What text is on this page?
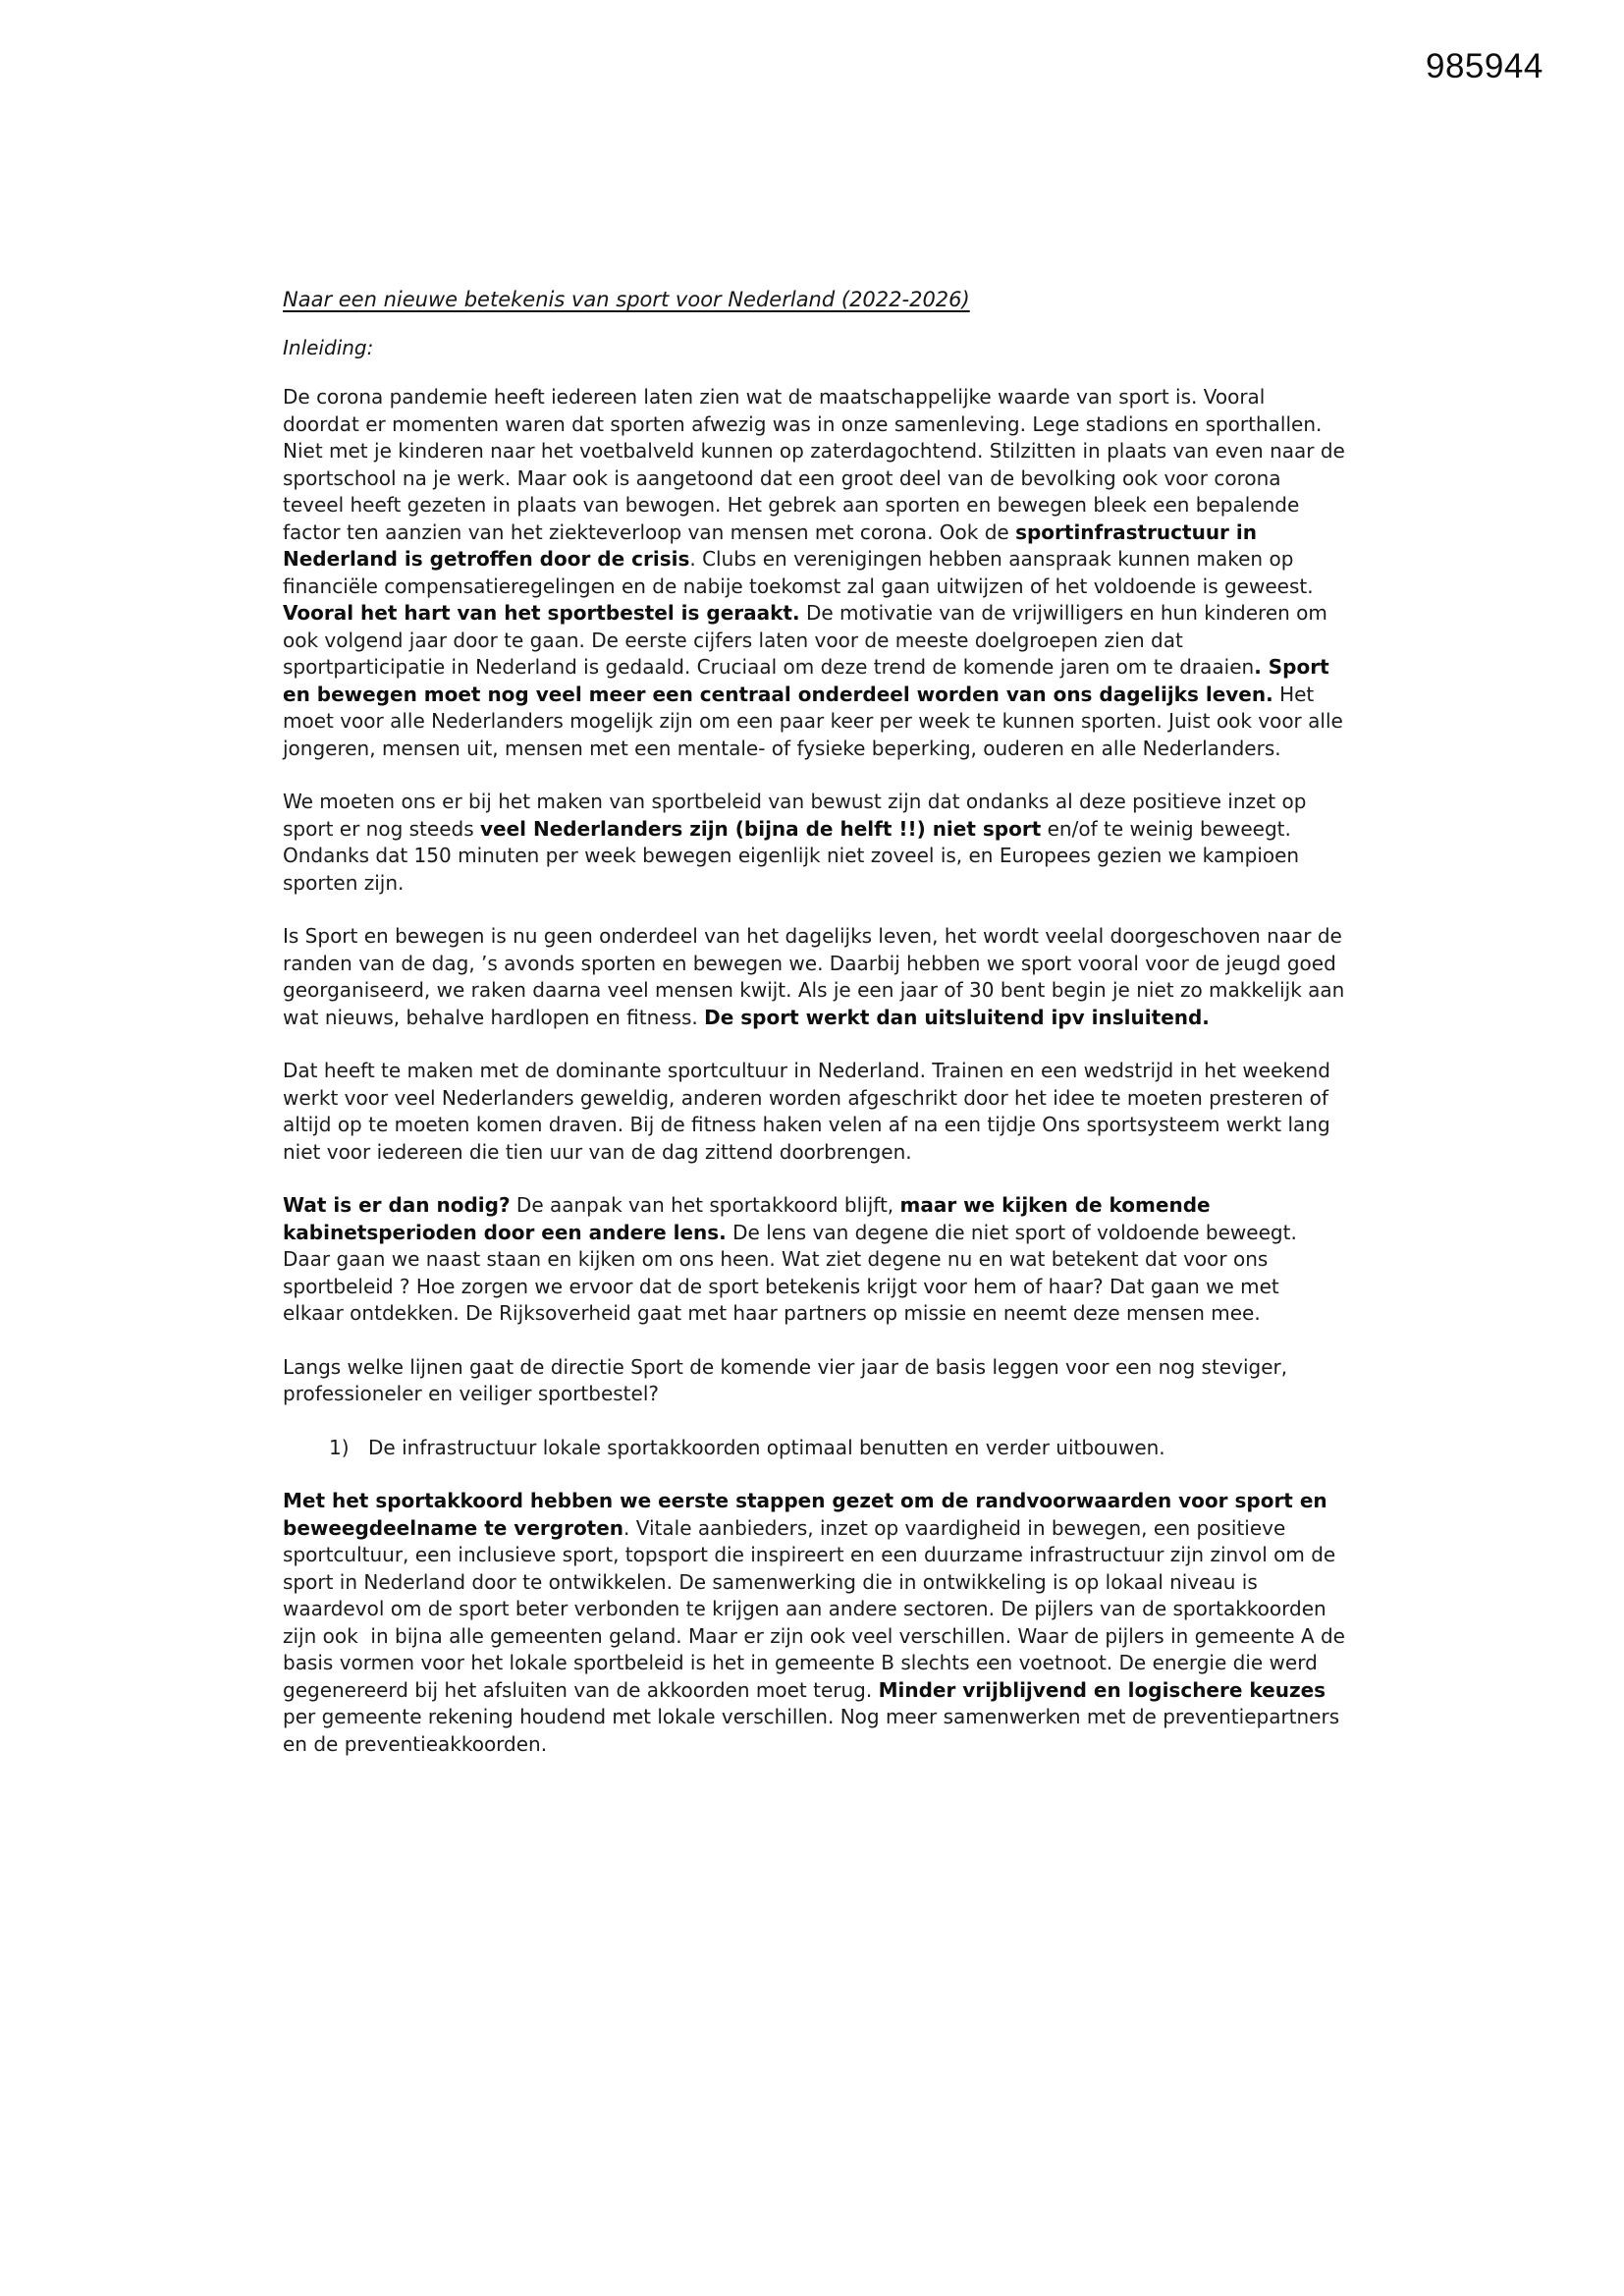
985944
Naar een nieuwe betekenis van sport voor Nederland (2022-2026)
Inleiding:
De corona pandemie heeft iedereen laten zien wat de maatschappelijke waarde van sport is. Vooral doordat er momenten waren dat sporten afwezig was in onze samenleving. Lege stadions en sporthallen. Niet met je kinderen naar het voetbalveld kunnen op zaterdagochtend. Stilzitten in plaats van even naar de sportschool na je werk. Maar ook is aangetoond dat een groot deel van de bevolking ook voor corona teveel heeft gezeten in plaats van bewogen. Het gebrek aan sporten en bewegen bleek een bepalende factor ten aanzien van het ziekteverloop van mensen met corona. Ook de sportinfrastructuur in Nederland is getroffen door de crisis. Clubs en verenigingen hebben aanspraak kunnen maken op financiële compensatieregelingen en de nabije toekomst zal gaan uitwijzen of het voldoende is geweest. Vooral het hart van het sportbestel is geraakt. De motivatie van de vrijwilligers en hun kinderen om ook volgend jaar door te gaan. De eerste cijfers laten voor de meeste doelgroepen zien dat sportparticipatie in Nederland is gedaald. Cruciaal om deze trend de komende jaren om te draaien. Sport en bewegen moet nog veel meer een centraal onderdeel worden van ons dagelijks leven. Het moet voor alle Nederlanders mogelijk zijn om een paar keer per week te kunnen sporten. Juist ook voor alle jongeren, mensen uit, mensen met een mentale- of fysieke beperking, ouderen en alle Nederlanders.
We moeten ons er bij het maken van sportbeleid van bewust zijn dat ondanks al deze positieve inzet op sport er nog steeds veel Nederlanders zijn (bijna de helft !!) niet sport en/of te weinig beweegt. Ondanks dat 150 minuten per week bewegen eigenlijk niet zoveel is, en Europees gezien we kampioen sporten zijn.
Is Sport en bewegen is nu geen onderdeel van het dagelijks leven, het wordt veelal doorgeschoven naar de randen van de dag, ’s avonds sporten en bewegen we. Daarbij hebben we sport vooral voor de jeugd goed georganiseerd, we raken daarna veel mensen kwijt. Als je een jaar of 30 bent begin je niet zo makkelijk aan wat nieuws, behalve hardlopen en fitness. De sport werkt dan uitsluitend ipv insluitend.
Dat heeft te maken met de dominante sportcultuur in Nederland. Trainen en een wedstrijd in het weekend werkt voor veel Nederlanders geweldig, anderen worden afgeschrikt door het idee te moeten presteren of altijd op te moeten komen draven. Bij de fitness haken velen af na een tijdje Ons sportsysteem werkt lang niet voor iedereen die tien uur van de dag zittend doorbrengen.
Wat is er dan nodig? De aanpak van het sportakkoord blijft, maar we kijken de komende kabinetsperioden door een andere lens. De lens van degene die niet sport of voldoende beweegt. Daar gaan we naast staan en kijken om ons heen. Wat ziet degene nu en wat betekent dat voor ons sportbeleid ? Hoe zorgen we ervoor dat de sport betekenis krijgt voor hem of haar? Dat gaan we met elkaar ontdekken. De Rijksoverheid gaat met haar partners op missie en neemt deze mensen mee.
Langs welke lijnen gaat de directie Sport de komende vier jaar de basis leggen voor een nog steviger, professioneler en veiliger sportbestel?
1) De infrastructuur lokale sportakkoorden optimaal benutten en verder uitbouwen.
Met het sportakkoord hebben we eerste stappen gezet om de randvoorwaarden voor sport en beweegdeelname te vergroten. Vitale aanbieders, inzet op vaardigheid in bewegen, een positieve sportcultuur, een inclusieve sport, topsport die inspireert en een duurzame infrastructuur zijn zinvol om de sport in Nederland door te ontwikkelen. De samenwerking die in ontwikkeling is op lokaal niveau is waardevol om de sport beter verbonden te krijgen aan andere sectoren. De pijlers van de sportakkoorden zijn ook  in bijna alle gemeenten geland. Maar er zijn ook veel verschillen. Waar de pijlers in gemeente A de basis vormen voor het lokale sportbeleid is het in gemeente B slechts een voetnoot. De energie die werd gegenereerd bij het afsluiten van de akkoorden moet terug. Minder vrijblijvend en logischere keuzes per gemeente rekening houdend met lokale verschillen. Nog meer samenwerken met de preventiepartners en de preventieakkoorden.
